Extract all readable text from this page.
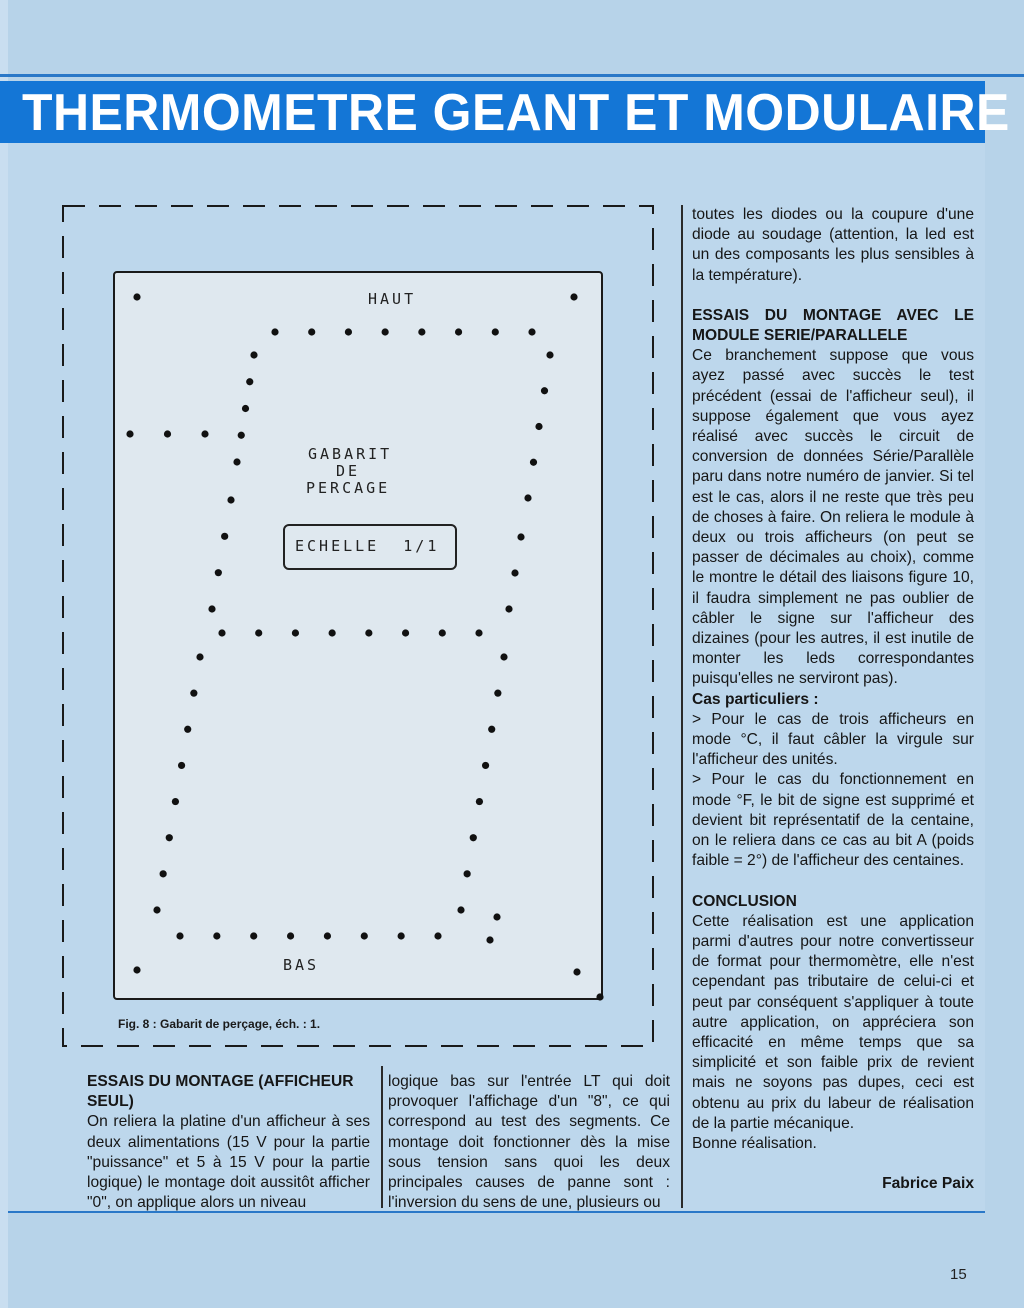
THERMOMETRE GEANT ET MODULAIRE
HAUT
GABARIT
DE
PERCAGE
ECHELLE  1/1
BAS
Fig. 8 : Gabarit de perçage, éch. : 1.

ESSAIS DU MONTAGE (AFFICHEUR SEUL)

On reliera la platine d'un afficheur à ses deux alimentations (15 V pour la partie "puissance" et 5 à 15 V pour la partie logique) le montage doit aussitôt afficher "0", on applique alors un niveau

logique bas sur l'entrée LT qui doit provoquer l'affichage d'un "8", ce qui correspond au test des segments. Ce montage doit fonctionner dès la mise sous tension sans quoi les deux principales causes de panne sont : l'inversion du sens de une, plusieurs ou

toutes les diodes ou la coupure d'une diode au soudage (attention, la led est un des composants les plus sensibles à la température).

ESSAIS DU MONTAGE AVEC LE MODULE SERIE/PARALLELE

Ce branchement suppose que vous ayez passé avec succès le test précédent (essai de l'afficheur seul), il suppose également que vous ayez réalisé avec succès le circuit de conversion de données Série/Parallèle paru dans notre numéro de janvier. Si tel est le cas, alors il ne reste que très peu de choses à faire. On reliera le module à deux ou trois afficheurs (on peut se passer de décimales au choix), comme le montre le détail des liaisons figure 10, il faudra simplement ne pas oublier de câbler le signe sur l'afficheur des dizaines (pour les autres, il est inutile de monter les leds correspondantes puisqu'elles ne serviront pas).

Cas particuliers :

> Pour le cas de trois afficheurs en mode °C, il faut câbler la virgule sur l'afficheur des unités.

> Pour le cas du fonctionnement en mode °F, le bit de signe est supprimé et devient bit représentatif de la centaine, on le reliera dans ce cas au bit A (poids faible = 2°) de l'afficheur des centaines.

CONCLUSION

Cette réalisation est une application parmi d'autres pour notre convertisseur de format pour thermomètre, elle n'est cependant pas tributaire de celui-ci et peut par conséquent s'appliquer à toute autre application, on appréciera son efficacité en même temps que sa simplicité et son faible prix de revient mais ne soyons pas dupes, ceci est obtenu au prix du labeur de réalisation de la partie mécanique.

Bonne réalisation.

Fabrice Paix

15
